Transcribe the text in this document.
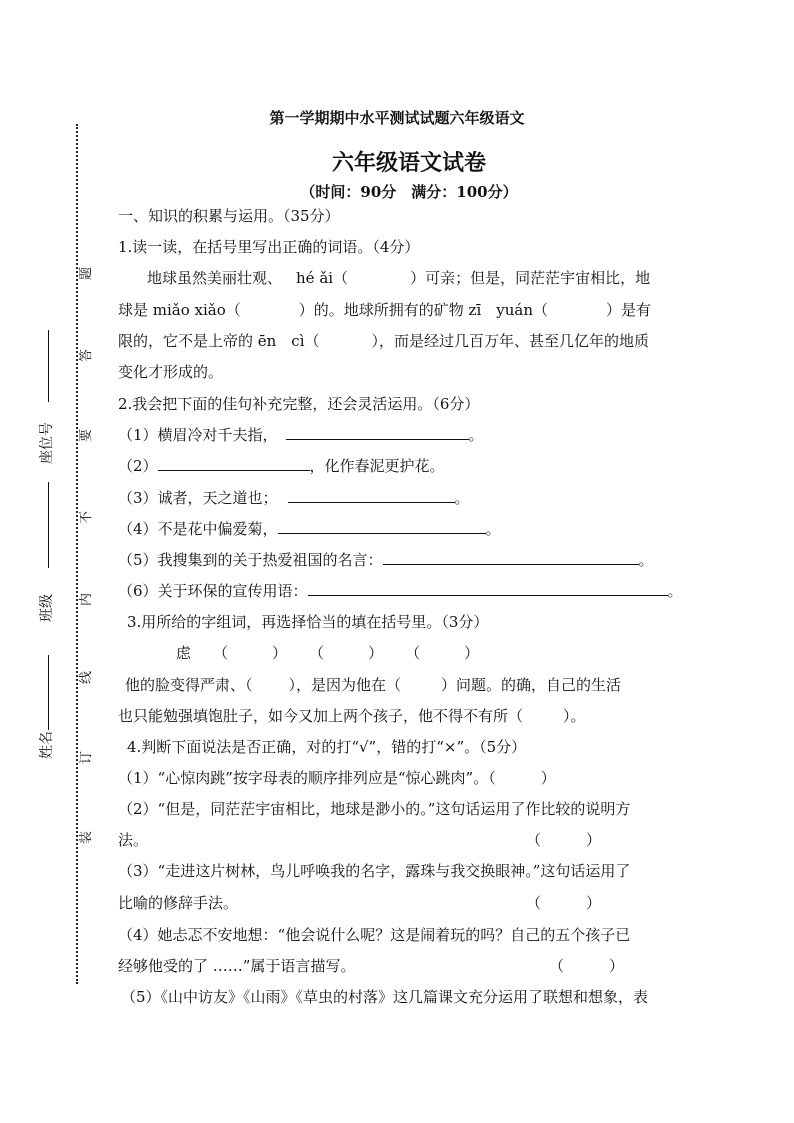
题
答
要
不
内
线
订
装
座位号
班级
姓名
第一学期期中水平测试试题六年级语文
六年级语文试卷
（时间：90分　满分：100分）
一、知识的积累与运用。（35分）
1.读一读，在括号里写出正确的词语。（4分）
地球虽然美丽壮观、 hé ǎi（	）可亲；但是，同茫茫宇宙相比，地
球是 miǎo xiǎo（	）的。地球所拥有的矿物 zī　yuán（	）是有
限的，它不是上帝的 ēn　cì（	），而是经过几百万年、甚至几亿年的地质
变化才形成的。
2.我会把下面的佳句补充完整，还会灵活运用。（6分）
（1）横眉冷对千夫指，	。
（2）	，化作春泥更护花。
（3）诚者，天之道也；	。
（4）不是花中偏爱菊，	。
（5）我搜集到的关于热爱祖国的名言：	。
（6）关于环保的宣传用语：	。
3.用所给的字组词，再选择恰当的填在括号里。（3分）
虑 （	） （	） （	）
他的脸变得严肃、（ ），是因为他在（	）问题。的确，自己的生活
也只能勉强填饱肚子，如今又加上两个孩子，他不得不有所（	）。
4.判断下面说法是否正确，对的打“√”，错的打“×”。（5分）
（1）“心惊肉跳”按字母表的顺序排列应是“惊心跳肉”。（　　　）
（2）“但是，同茫茫宇宙相比，地球是渺小的。”这句话运用了作比较的说明方
法。	（　　　）
（3）“走进这片树林，鸟儿呼唤我的名字，露珠与我交换眼神。”这句话运用了
比喻的修辞手法。	（　　　）
（4）她忐忑不安地想：“他会说什么呢？这是闹着玩的吗？自己的五个孩子已
经够他受的了 ……”属于语言描写。	（　　　）
（5）《山中访友》《山雨》《草虫的村落》这几篇课文充分运用了联想和想象，表
